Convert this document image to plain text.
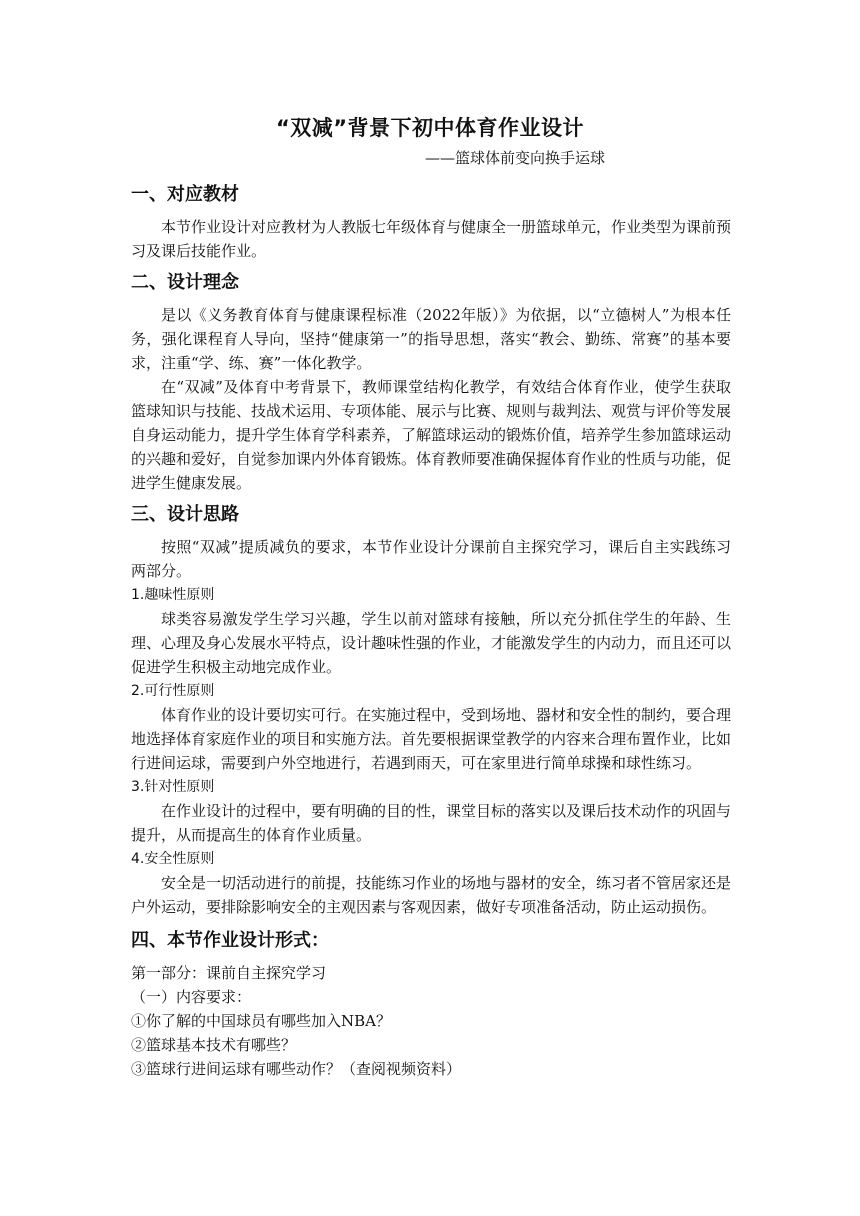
“双减”背景下初中体育作业设计
——篮球体前变向换手运球
一、对应教材

本节作业设计对应教材为人教版七年级体育与健康全一册篮球单元，作业类型为课前预习及课后技能作业。

二、设计理念

是以《义务教育体育与健康课程标准（2022年版）》为依据，以“立德树人”为根本任务，强化课程育人导向，坚持“健康第一”的指导思想，落实“教会、勤练、常赛”的基本要求，注重“学、练、赛”一体化教学。

在“双减”及体育中考背景下，教师课堂结构化教学，有效结合体育作业，使学生获取篮球知识与技能、技战术运用、专项体能、展示与比赛、规则与裁判法、观赏与评价等发展自身运动能力，提升学生体育学科素养，了解篮球运动的锻炼价值，培养学生参加篮球运动的兴趣和爱好，自觉参加课内外体育锻炼。体育教师要准确保握体育作业的性质与功能，促进学生健康发展。

三、设计思路

按照“双减”提质减负的要求，本节作业设计分课前自主探究学习，课后自主实践练习两部分。

1.趣味性原则

球类容易激发学生学习兴趣，学生以前对篮球有接触，所以充分抓住学生的年龄、生理、心理及身心发展水平特点，设计趣味性强的作业，才能激发学生的内动力，而且还可以促进学生积极主动地完成作业。

2.可行性原则

体育作业的设计要切实可行。在实施过程中，受到场地、器材和安全性的制约，要合理地选择体育家庭作业的项目和实施方法。首先要根据课堂教学的内容来合理布置作业，比如行进间运球，需要到户外空地进行，若遇到雨天，可在家里进行简单球操和球性练习。

3.针对性原则

在作业设计的过程中，要有明确的目的性，课堂目标的落实以及课后技术动作的巩固与提升，从而提高生的体育作业质量。

4.安全性原则

安全是一切活动进行的前提，技能练习作业的场地与器材的安全，练习者不管居家还是户外运动，要排除影响安全的主观因素与客观因素，做好专项准备活动，防止运动损伤。

四、本节作业设计形式：
第一部分：课前自主探究学习
（一）内容要求：
①你了解的中国球员有哪些加入NBA？
②篮球基本技术有哪些？
③篮球行进间运球有哪些动作？（查阅视频资料）
